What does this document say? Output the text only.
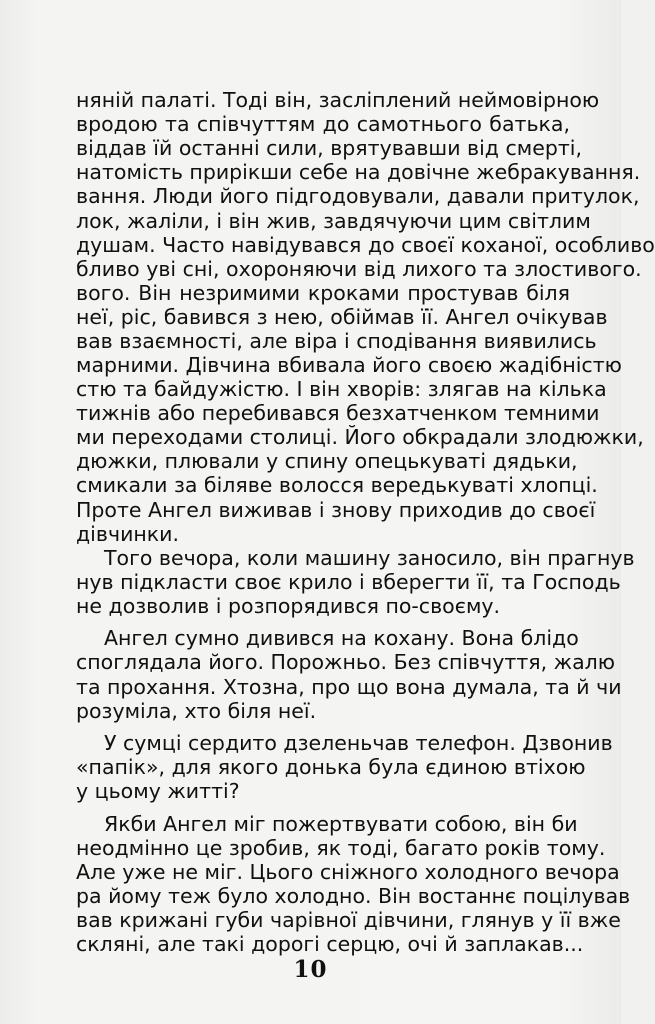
няній палаті. Тоді він, засліплений неймовірною

вродою та співчуттям до самотнього батька,

віддав їй останні сили, врятувавши від смерті,

натомість прирікши себе на довічне жебракування.

вання. Люди його підгодовували, давали притулок,

лок, жаліли, і він жив, завдячуючи цим світлим

душам. Часто навідувався до своєї коханої, особливо

бливо уві сні, охороняючи від лихого та злостивого.

вого. Він незримими кроками простував біля

неї, ріс, бавився з нею, обіймав її. Ангел очікував

вав взаємності, але віра і сподівання виявились

марними. Дівчина вбивала його своєю жадібністю

стю та байдужістю. І він хворів: злягав на кілька

тижнів або перебивався безхатченком темними

ми переходами столиці. Його обкрадали злодюжки,

дюжки, плювали у спину опецькуваті дядьки,

смикали за біляве волосся вередькуваті хлопці.

Проте Ангел виживав і знову приходив до своєї

дівчинки.

Того вечора, коли машину заносило, він прагнув

нув підкласти своє крило і вберегти її, та Господь

не дозволив і розпорядився по-своєму.

Ангел сумно дивився на кохану. Вона блідо

споглядала його. Порожньо. Без співчуття, жалю

та прохання. Хтозна, про що вона думала, та й чи

розуміла, хто біля неї.

У сумці сердито дзеленьчав телефон. Дзвонив

«папік», для якого донька була єдиною втіхою

у цьому житті?

Якби Ангел міг пожертвувати собою, він би

неодмінно це зробив, як тоді, багато років тому.

Але уже не міг. Цього сніжного холодного вечора

ра йому теж було холодно. Він востаннє поцілував

вав крижані губи чарівної дівчини, глянув у її вже

скляні, але такі дорогі серцю, очі й заплакав...

10
